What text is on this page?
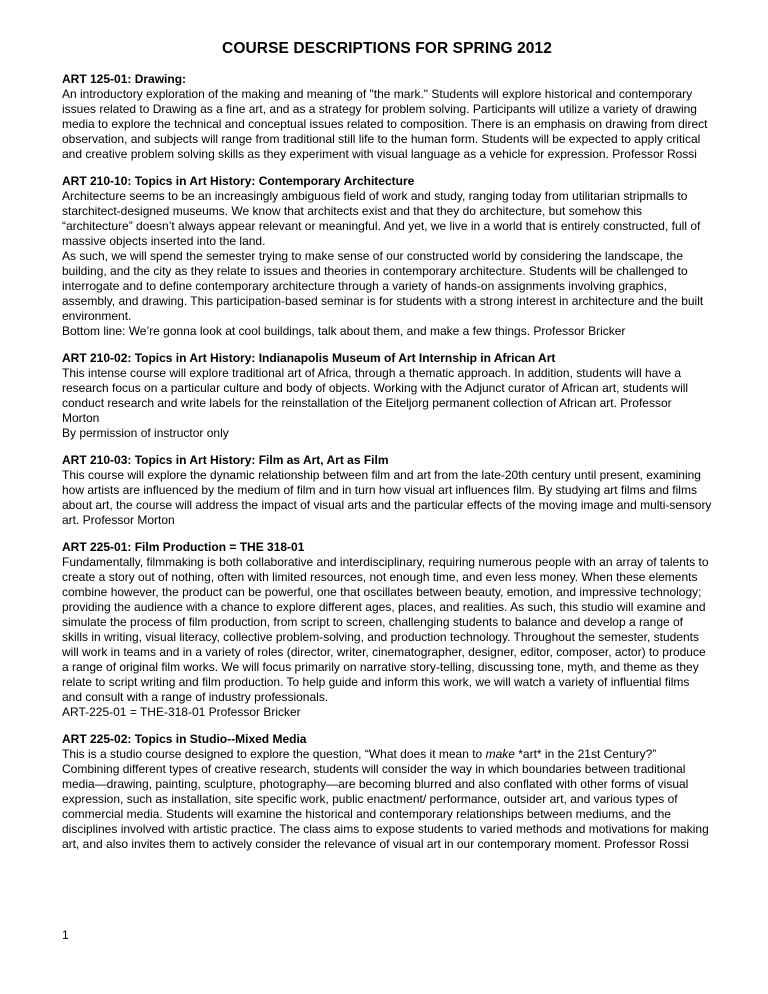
COURSE DESCRIPTIONS FOR SPRING 2012

ART 125-01: Drawing:

An introductory exploration of the making and meaning of "the mark." Students will explore historical and contemporary issues related to Drawing as a fine art, and as a strategy for problem solving. Participants will utilize a variety of drawing media to explore the technical and conceptual issues related to composition. There is an emphasis on drawing from direct observation, and subjects will range from traditional still life to the human form. Students will be expected to apply critical and creative problem solving skills as they experiment with visual language as a vehicle for expression. Professor Rossi

ART 210-10: Topics in Art History: Contemporary Architecture

Architecture seems to be an increasingly ambiguous field of work and study, ranging today from utilitarian stripmalls to starchitect-designed museums. We know that architects exist and that they do architecture, but somehow this “architecture” doesn’t always appear relevant or meaningful. And yet, we live in a world that is entirely constructed, full of massive objects inserted into the land.

As such, we will spend the semester trying to make sense of our constructed world by considering the landscape, the building, and the city as they relate to issues and theories in contemporary architecture. Students will be challenged to interrogate and to define contemporary architecture through a variety of hands-on assignments involving graphics, assembly, and drawing. This participation-based seminar is for students with a strong interest in architecture and the built environment.

Bottom line: We’re gonna look at cool buildings, talk about them, and make a few things. Professor Bricker

ART 210-02: Topics in Art History: Indianapolis Museum of Art Internship in African Art

This intense course will explore traditional art of Africa, through a thematic approach. In addition, students will have a research focus on a particular culture and body of objects. Working with the Adjunct curator of African art, students will conduct research and write labels for the reinstallation of the Eiteljorg permanent collection of African art. Professor Morton

By permission of instructor only

ART 210-03: Topics in Art History: Film as Art, Art as Film

This course will explore the dynamic relationship between film and art from the late-20th century until present, examining how artists are influenced by the medium of film and in turn how visual art influences film. By studying art films and films about art, the course will address the impact of visual arts and the particular effects of the moving image and multi-sensory art. Professor Morton

ART 225-01: Film Production = THE 318-01

Fundamentally, filmmaking is both collaborative and interdisciplinary, requiring numerous people with an array of talents to create a story out of nothing, often with limited resources, not enough time, and even less money. When these elements combine however, the product can be powerful, one that oscillates between beauty, emotion, and impressive technology; providing the audience with a chance to explore different ages, places, and realities. As such, this studio will examine and simulate the process of film production, from script to screen, challenging students to balance and develop a range of skills in writing, visual literacy, collective problem-solving, and production technology. Throughout the semester, students will work in teams and in a variety of roles (director, writer, cinematographer, designer, editor, composer, actor) to produce a range of original film works. We will focus primarily on narrative story-telling, discussing tone, myth, and theme as they relate to script writing and film production. To help guide and inform this work, we will watch a variety of influential films and consult with a range of industry professionals.

ART-225-01 = THE-318-01 Professor Bricker

ART 225-02: Topics in Studio--Mixed Media

This is a studio course designed to explore the question, “What does it mean to make *art* in the 21st Century?” Combining different types of creative research, students will consider the way in which boundaries between traditional media—drawing, painting, sculpture, photography—are becoming blurred and also conflated with other forms of visual expression, such as installation, site specific work, public enactment/ performance, outsider art, and various types of commercial media. Students will examine the historical and contemporary relationships between mediums, and the disciplines involved with artistic practice. The class aims to expose students to varied methods and motivations for making art, and also invites them to actively consider the relevance of visual art in our contemporary moment. Professor Rossi

1
